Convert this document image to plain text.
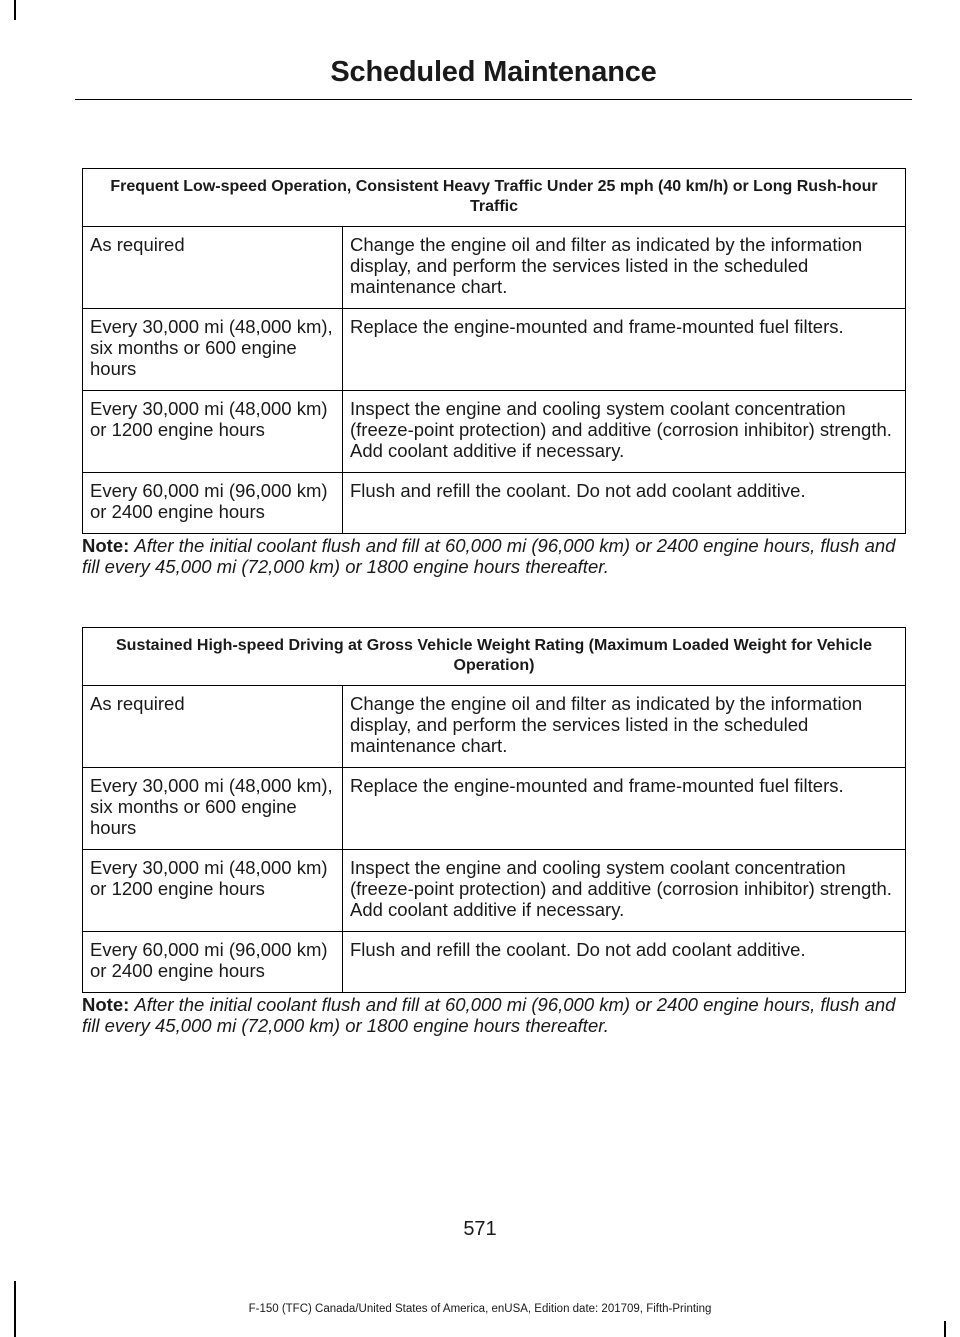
Scheduled Maintenance
Frequent Low-speed Operation, Consistent Heavy Traffic Under 25 mph (40 km/h) or Long Rush-hour Traffic	
As required	Change the engine oil and filter as indicated by the information display, and perform the services listed in the scheduled maintenance chart.
Every 30,000 mi (48,000 km), six months or 600 engine hours	Replace the engine-mounted and frame-mounted fuel filters.
Every 30,000 mi (48,000 km) or 1200 engine hours	Inspect the engine and cooling system coolant concentration (freeze-point protection) and additive (corrosion inhibitor) strength. Add coolant additive if necessary.
Every 60,000 mi (96,000 km) or 2400 engine hours	Flush and refill the coolant. Do not add coolant additive.

Note: After the initial coolant flush and fill at 60,000 mi (96,000 km) or 2400 engine hours, flush and fill every 45,000 mi (72,000 km) or 1800 engine hours thereafter.

Sustained High-speed Driving at Gross Vehicle Weight Rating (Maximum Loaded Weight for Vehicle Operation)	
As required	Change the engine oil and filter as indicated by the information display, and perform the services listed in the scheduled maintenance chart.
Every 30,000 mi (48,000 km), six months or 600 engine hours	Replace the engine-mounted and frame-mounted fuel filters.
Every 30,000 mi (48,000 km) or 1200 engine hours	Inspect the engine and cooling system coolant concentration (freeze-point protection) and additive (corrosion inhibitor) strength. Add coolant additive if necessary.
Every 60,000 mi (96,000 km) or 2400 engine hours	Flush and refill the coolant. Do not add coolant additive.

Note: After the initial coolant flush and fill at 60,000 mi (96,000 km) or 2400 engine hours, flush and fill every 45,000 mi (72,000 km) or 1800 engine hours thereafter.

571
F-150 (TFC) Canada/United States of America, enUSA, Edition date: 201709, Fifth-Printing
